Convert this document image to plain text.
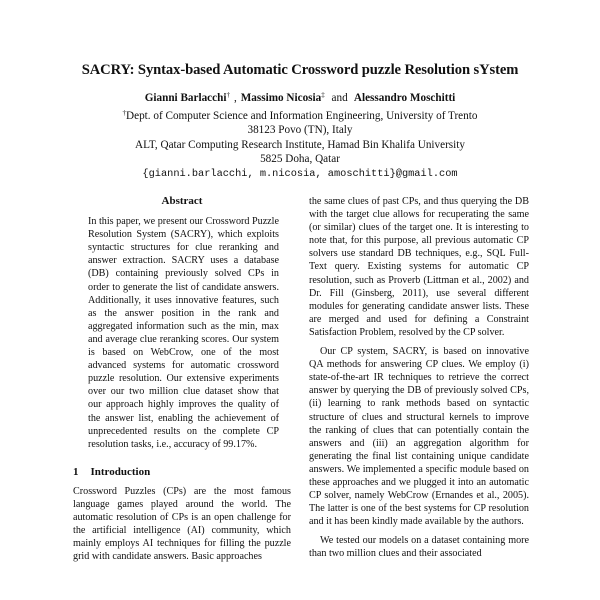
SACRY: Syntax-based Automatic Crossword puzzle Resolution sYstem
Gianni Barlacchi† , Massimo Nicosia‡ and Alessandro Moschitti
†Dept. of Computer Science and Information Engineering, University of Trento
38123 Povo (TN), Italy
ALT, Qatar Computing Research Institute, Hamad Bin Khalifa University
5825 Doha, Qatar
{gianni.barlacchi, m.nicosia, amoschitti}@gmail.com
Abstract
In this paper, we present our Crossword Puzzle Resolution System (SACRY), which exploits syntactic structures for clue reranking and answer extraction. SACRY uses a database (DB) containing previously solved CPs in order to generate the list of candidate answers. Additionally, it uses innovative features, such as the answer position in the rank and aggregated information such as the min, max and average clue reranking scores. Our system is based on WebCrow, one of the most advanced systems for automatic crossword puzzle resolution. Our extensive experiments over our two million clue dataset show that our approach highly improves the quality of the answer list, enabling the achievement of unprecedented results on the complete CP resolution tasks, i.e., accuracy of 99.17%.
1 Introduction

Crossword Puzzles (CPs) are the most famous language games played around the world. The automatic resolution of CPs is an open challenge for the artificial intelligence (AI) community, which mainly employs AI techniques for filling the puzzle grid with candidate answers. Basic approaches

the same clues of past CPs, and thus querying the DB with the target clue allows for recuperating the same (or similar) clues of the target one. It is interesting to note that, for this purpose, all previous automatic CP solvers use standard DB techniques, e.g., SQL Full-Text query. Existing systems for automatic CP resolution, such as Proverb (Littman et al., 2002) and Dr. Fill (Ginsberg, 2011), use several different modules for generating candidate answer lists. These are merged and used for defining a Constraint Satisfaction Problem, resolved by the CP solver.

Our CP system, SACRY, is based on innovative QA methods for answering CP clues. We employ (i) state-of-the-art IR techniques to retrieve the correct answer by querying the DB of previously solved CPs, (ii) learning to rank methods based on syntactic structure of clues and structural kernels to improve the ranking of clues that can potentially contain the answers and (iii) an aggregation algorithm for generating the final list containing unique candidate answers. We implemented a specific module based on these approaches and we plugged it into an automatic CP solver, namely WebCrow (Ernandes et al., 2005). The latter is one of the best systems for CP resolution and it has been kindly made available by the authors.

We tested our models on a dataset containing more than two million clues and their associated
